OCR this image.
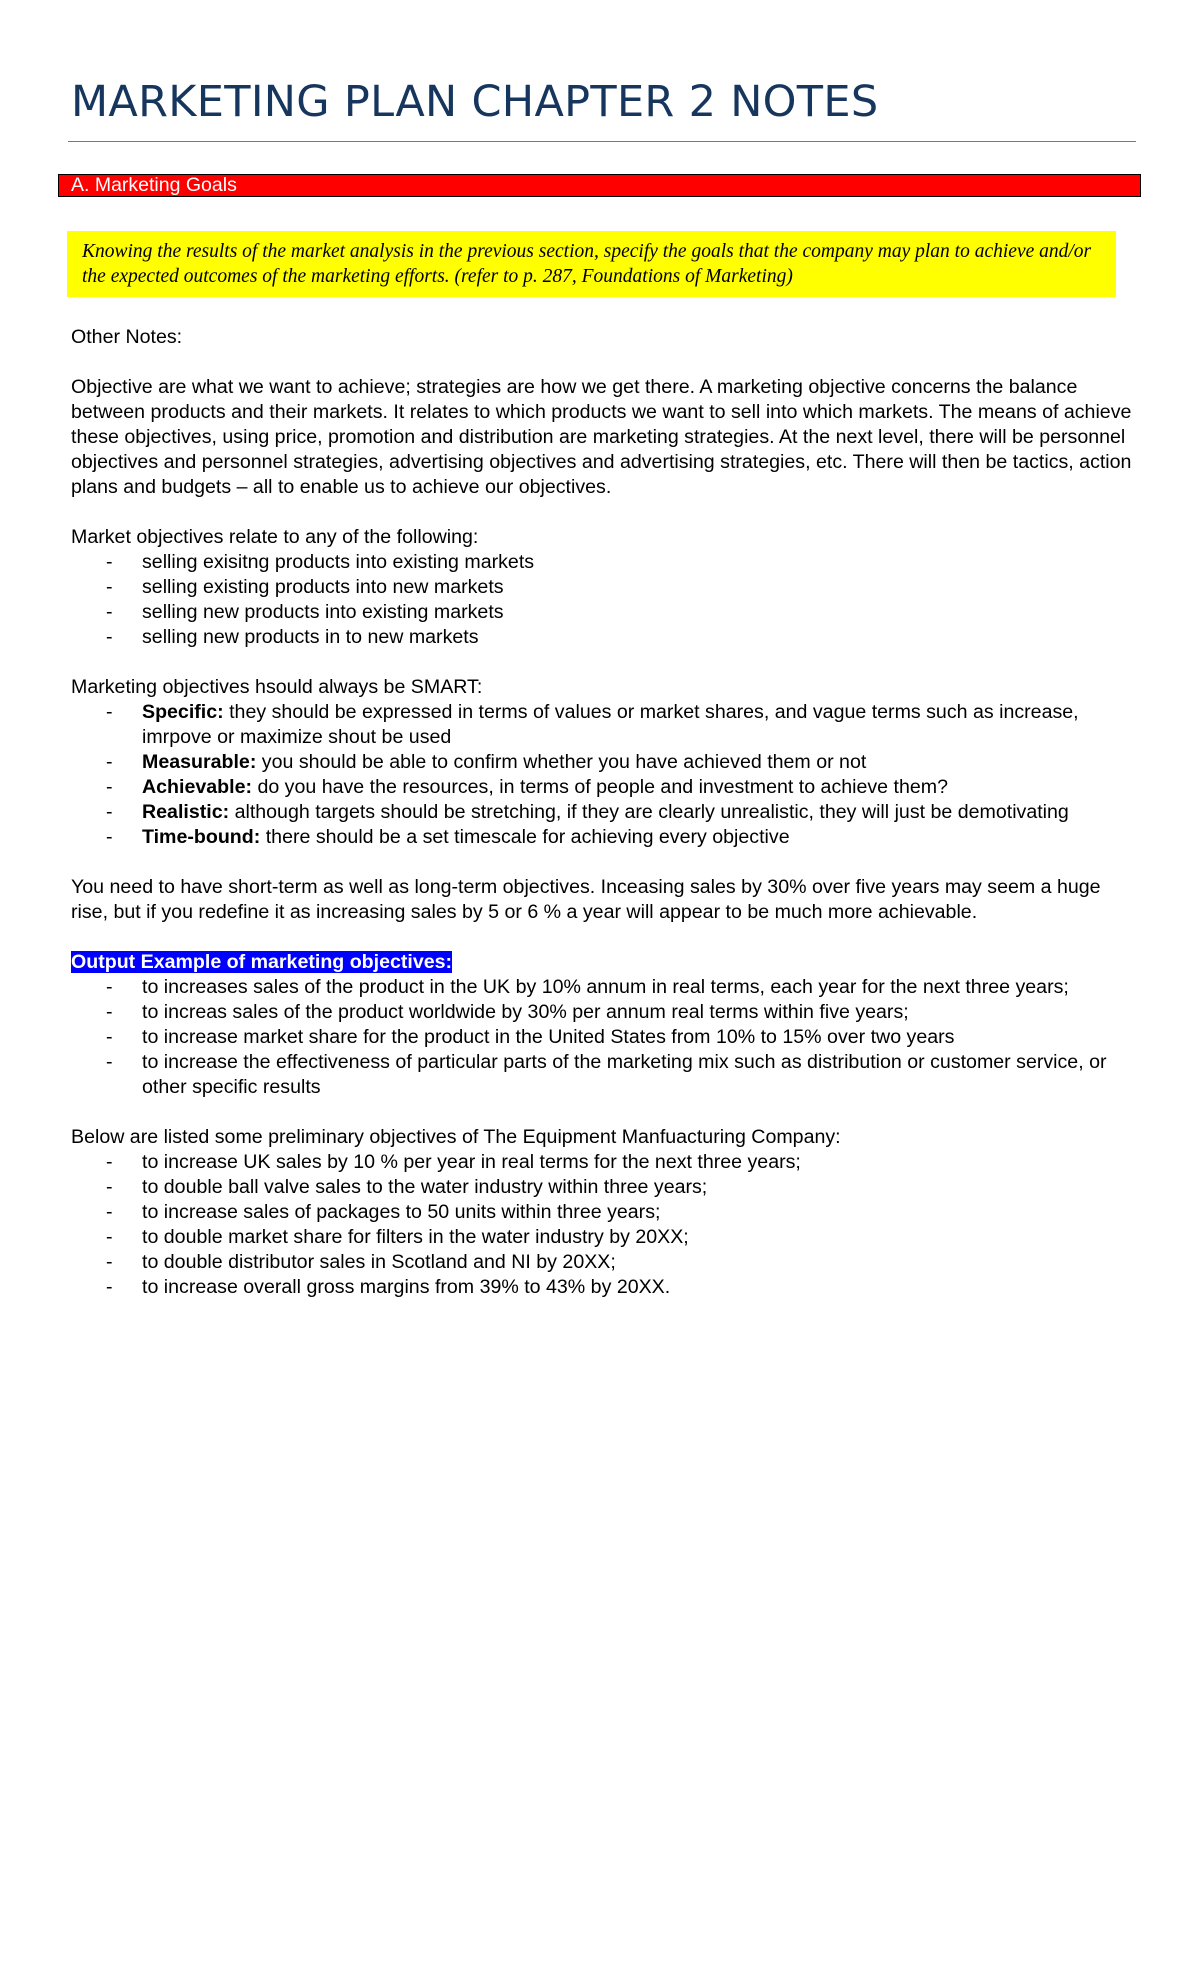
MARKETING PLAN CHAPTER 2 NOTES
A. Marketing Goals
Knowing the results of the market analysis in the previous section, specify the goals that the company may plan to achieve and/or the expected outcomes of the marketing efforts. (refer to p. 287, Foundations of Marketing)

Other Notes:

Objective are what we want to achieve; strategies are how we get there. A marketing objective concerns the balance between products and their markets. It relates to which products we want to sell into which markets. The means of achieve these objectives, using price, promotion and distribution are marketing strategies. At the next level, there will be personnel objectives and personnel strategies, advertising objectives and advertising strategies, etc. There will then be tactics, action plans and budgets – all to enable us to achieve our objectives.

Market objectives relate to any of the following:

- selling exisitng products into existing markets
- selling existing products into new markets
- selling new products into existing markets
- selling new products in to new markets

Marketing objectives hsould always be SMART:

- Specific: they should be expressed in terms of values or market shares, and vague terms such as increase, imrpove or maximize shout be used
- Measurable: you should be able to confirm whether you have achieved them or not
- Achievable: do you have the resources, in terms of people and investment to achieve them?
- Realistic: although targets should be stretching, if they are clearly unrealistic, they will just be demotivating
- Time-bound: there should be a set timescale for achieving every objective

You need to have short-term as well as long-term objectives. Inceasing sales by 30% over five years may seem a huge rise, but if you redefine it as increasing sales by 5 or 6 % a year will appear to be much more achievable.

Output Example of marketing objectives:

- to increases sales of the product in the UK by 10% annum in real terms, each year for the next three years;
- to increas sales of the product worldwide by 30% per annum real terms within five years;
- to increase market share for the product in the United States from 10% to 15% over two years
- to increase the effectiveness of particular parts of the marketing mix such as distribution or customer service, or other specific results

Below are listed some preliminary objectives of The Equipment Manfuacturing Company:

- to increase UK sales by 10 % per year in real terms for the next three years;
- to double ball valve sales to the water industry within three years;
- to increase sales of packages to 50 units within three years;
- to double market share for filters in the water industry by 20XX;
- to double distributor sales in Scotland and NI by 20XX;
- to increase overall gross margins from 39% to 43% by 20XX.
